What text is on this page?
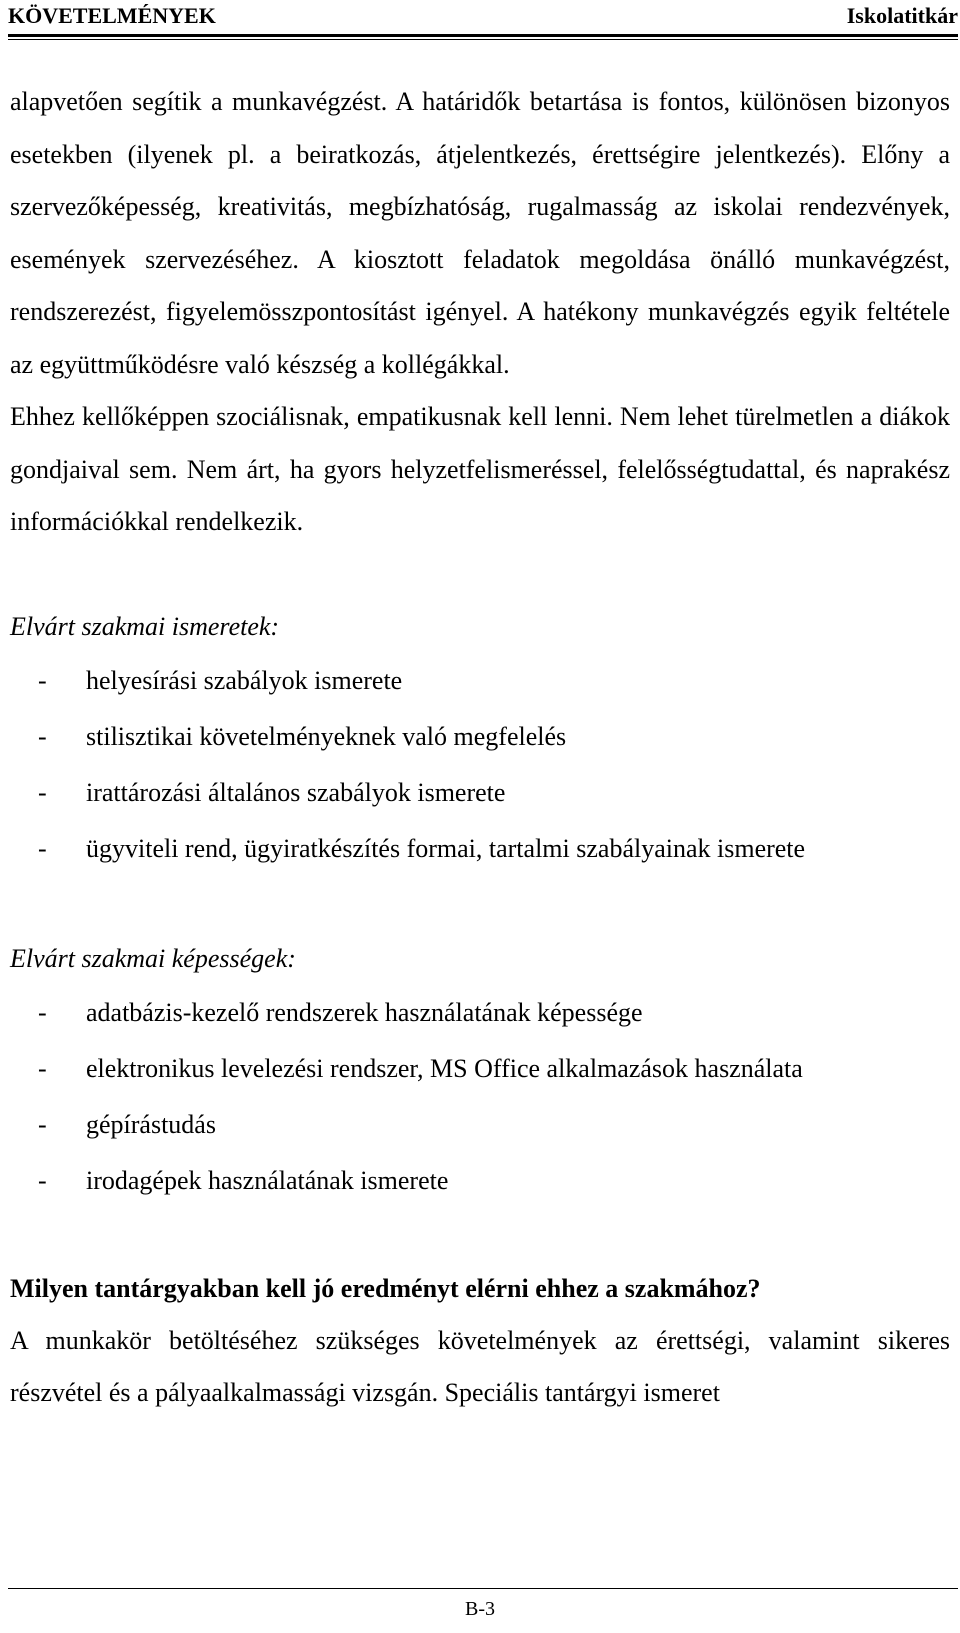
KÖVETELMÉNYEK	Iskolatitkár

alapvetően segítik a munkavégzést. A határidők betartása is fontos, különösen bizonyos esetekben (ilyenek pl. a beiratkozás, átjelentkezés, érettségire jelentkezés). Előny a szervezőképesség, kreativitás, megbízhatóság, rugalmasság az iskolai rendezvények, események szervezéséhez. A kiosztott feladatok megoldása önálló munkavégzést, rendszerezést, figyelemösszpontosítást igényel. A hatékony munkavégzés egyik feltétele az együttműködésre való készség a kollégákkal.

Ehhez kellőképpen szociálisnak, empatikusnak kell lenni. Nem lehet türelmetlen a diákok gondjaival sem. Nem árt, ha gyors helyzetfelismeréssel, felelősségtudattal, és naprakész információkkal rendelkezik.

Elvárt szakmai ismeretek:

- helyesírási szabályok ismerete
- stilisztikai követelményeknek való megfelelés
- irattározási általános szabályok ismerete
- ügyviteli rend, ügyiratkészítés formai, tartalmi szabályainak ismerete

Elvárt szakmai képességek:

- adatbázis-kezelő rendszerek használatának képessége
- elektronikus levelezési rendszer, MS Office alkalmazások használata
- gépírástudás
- irodagépek használatának ismerete

Milyen tantárgyakban kell jó eredményt elérni ehhez a szakmához?

A munkakör betöltéséhez szükséges követelmények az érettségi, valamint sikeres részvétel és a pályaalkalmassági vizsgán. Speciális tantárgyi ismeret

B-3
